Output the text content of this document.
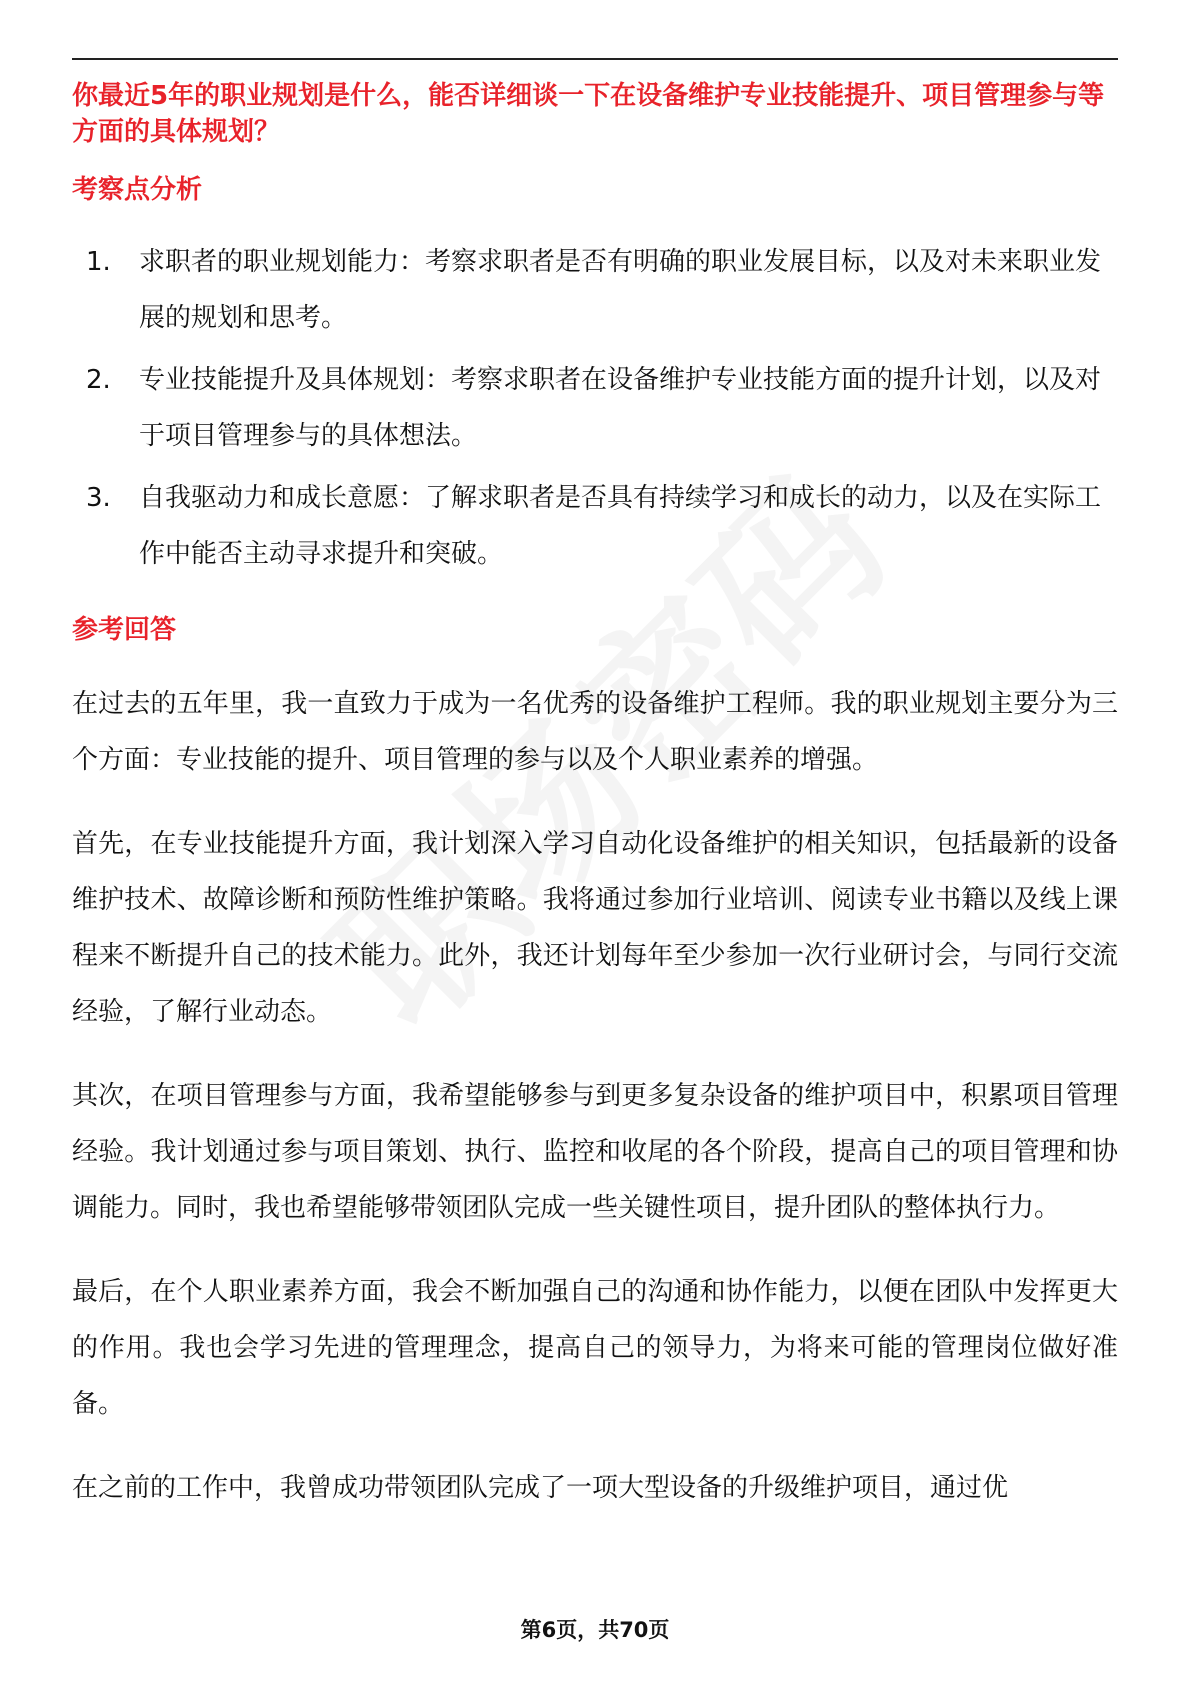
你最近5年的职业规划是什么，能否详细谈一下在设备维护专业技能提升、项目管理参与等方面的具体规划？

考察点分析
1.	求职者的职业规划能力：考察求职者是否有明确的职业发展目标，以及对未来职业发展的规划和思考。
2.	专业技能提升及具体规划：考察求职者在设备维护专业技能方面的提升计划，以及对于项目管理参与的具体想法。
3.	自我驱动力和成长意愿：了解求职者是否具有持续学习和成长的动力，以及在实际工作中能否主动寻求提升和突破。
参考回答

在过去的五年里，我一直致力于成为一名优秀的设备维护工程师。我的职业规划主要分为三个方面：专业技能的提升、项目管理的参与以及个人职业素养的增强。

首先，在专业技能提升方面，我计划深入学习自动化设备维护的相关知识，包括最新的设备维护技术、故障诊断和预防性维护策略。我将通过参加行业培训、阅读专业书籍以及线上课程来不断提升自己的技术能力。此外，我还计划每年至少参加一次行业研讨会，与同行交流经验，了解行业动态。

其次，在项目管理参与方面，我希望能够参与到更多复杂设备的维护项目中，积累项目管理经验。我计划通过参与项目策划、执行、监控和收尾的各个阶段，提高自己的项目管理和协调能力。同时，我也希望能够带领团队完成一些关键性项目，提升团队的整体执行力。

最后，在个人职业素养方面，我会不断加强自己的沟通和协作能力，以便在团队中发挥更大的作用。我也会学习先进的管理理念，提高自己的领导力，为将来可能的管理岗位做好准备。

在之前的工作中，我曾成功带领团队完成了一项大型设备的升级维护项目，通过优

第6页，共70页
